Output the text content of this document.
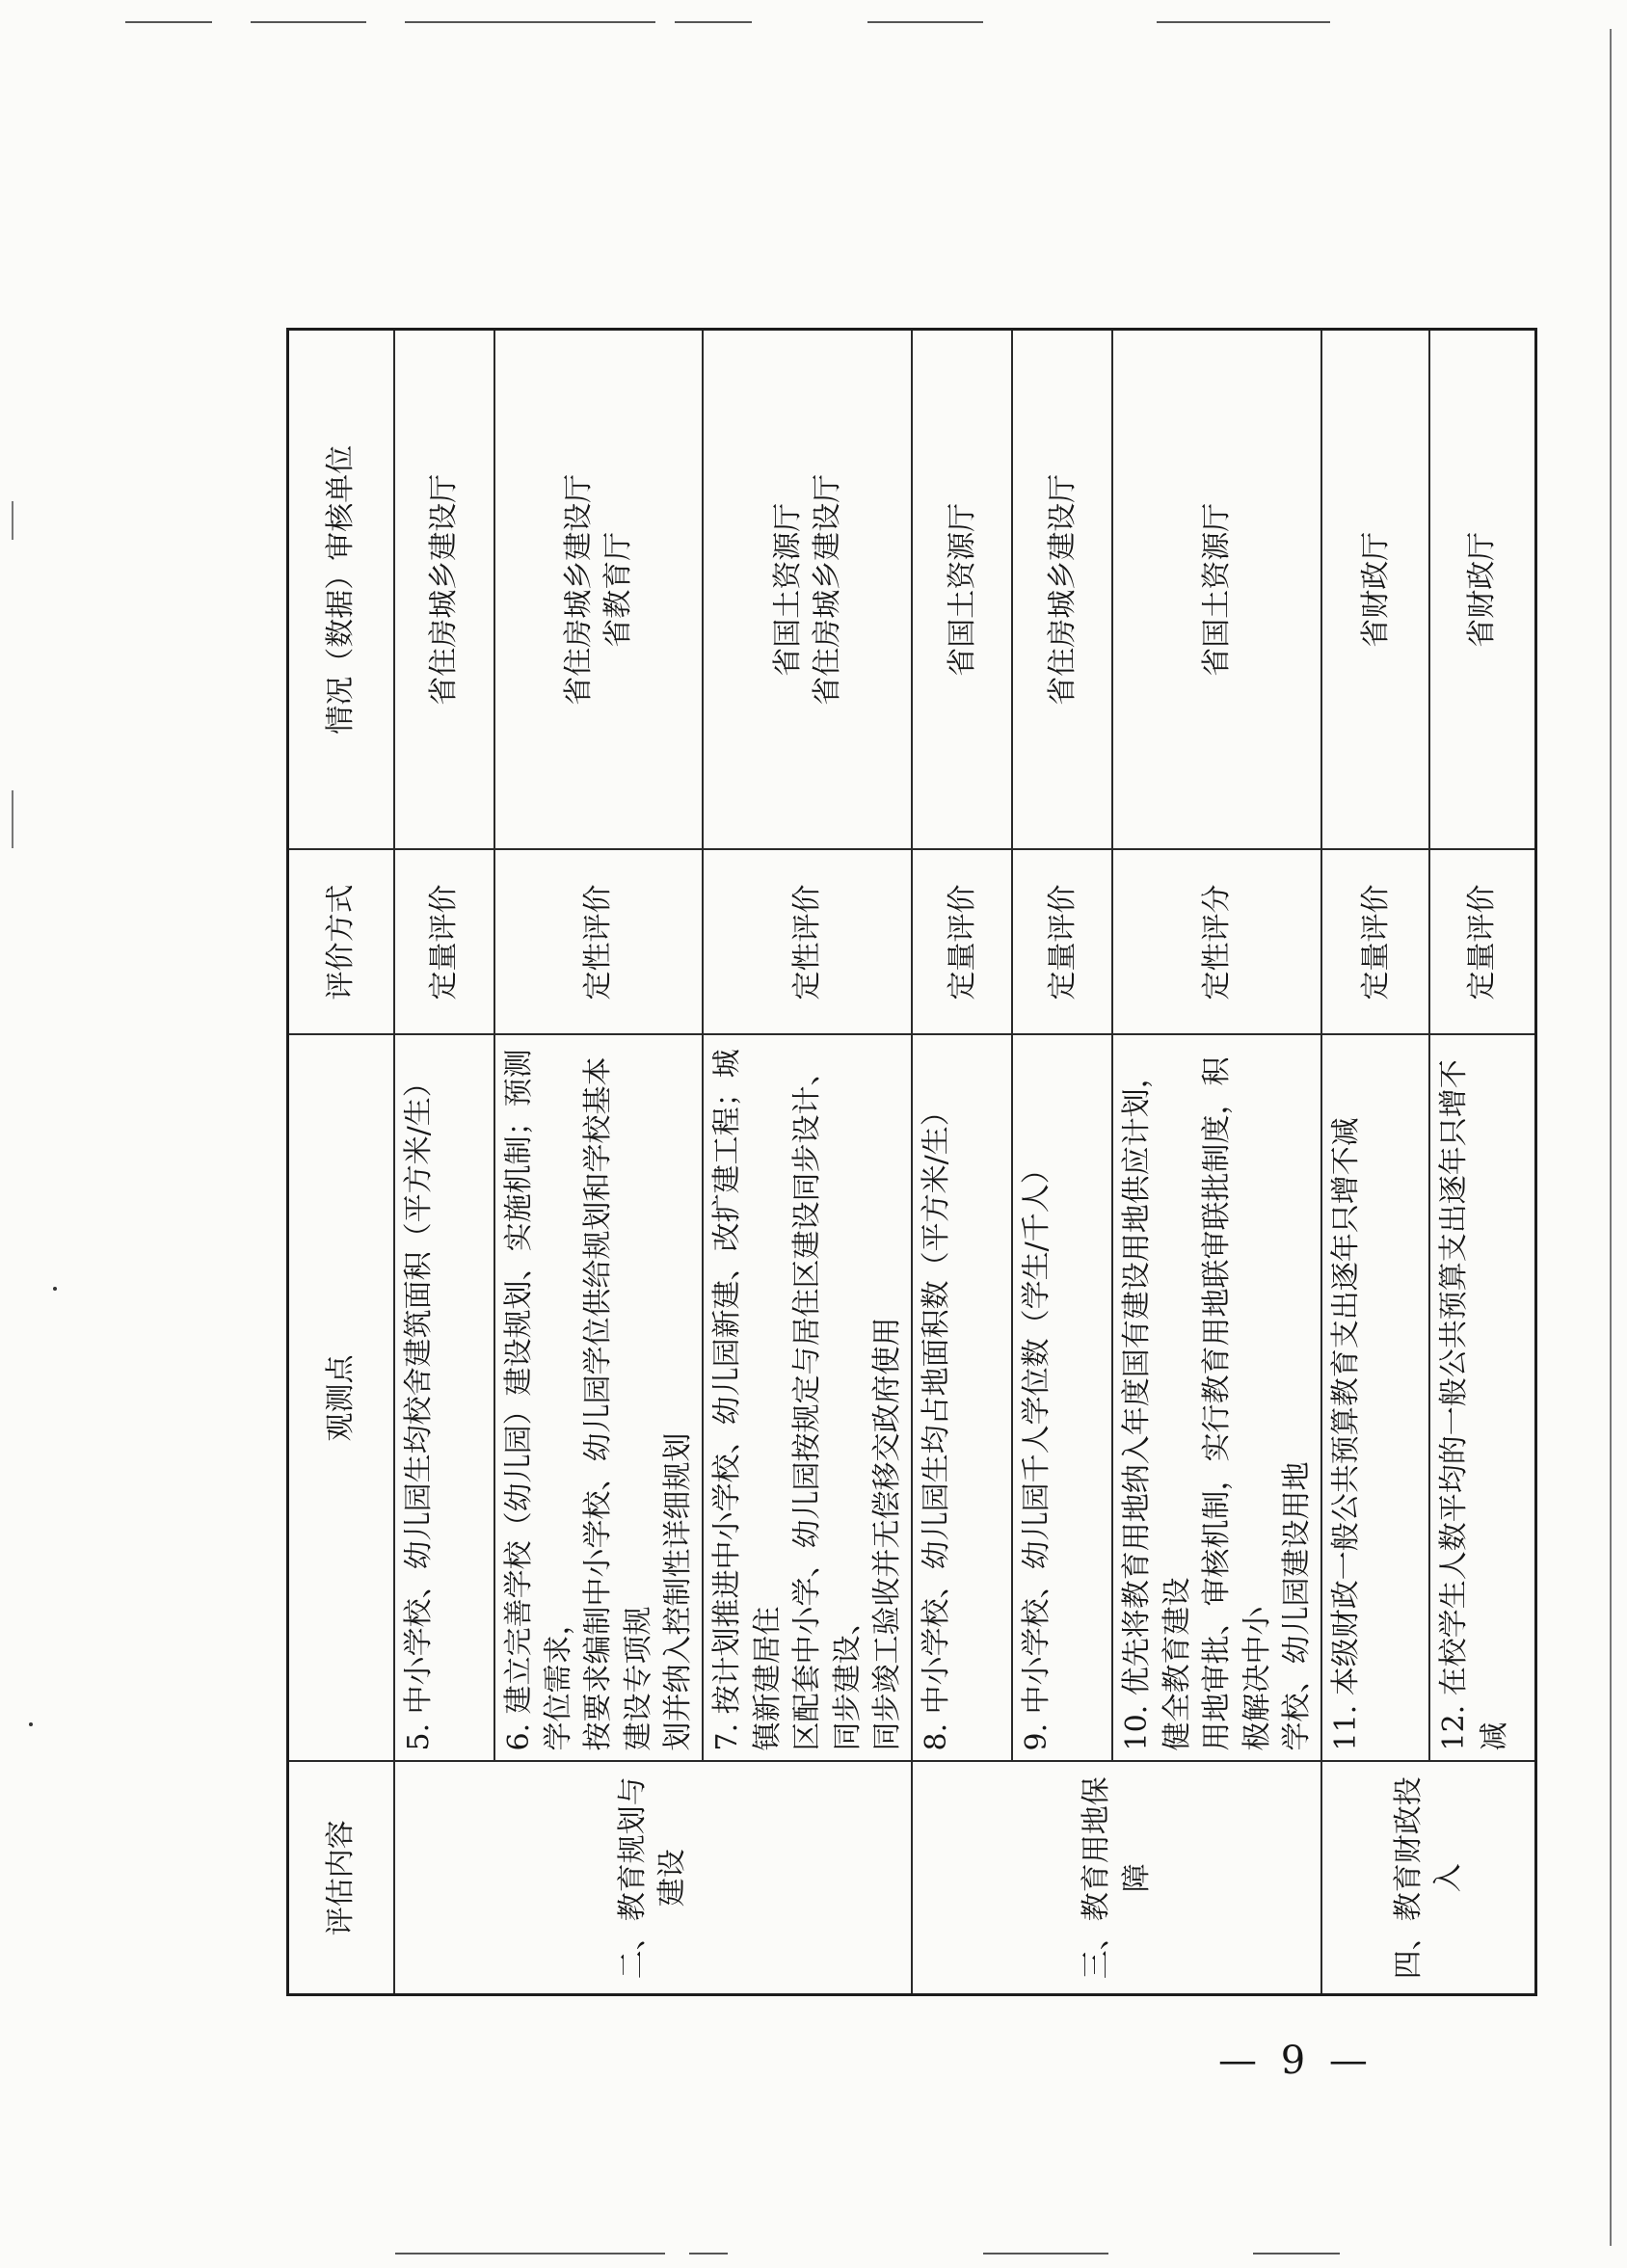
评估内容	观测点	评价方式	情况（数据）审核单位
二、教育规划与建设	5. 中小学校、幼儿园生均校舍建筑面积（平方米/生）	定量评价	省住房城乡建设厅

	6. 建立完善学校（幼儿园）建设规划、实施机制；预测学位需求， 按要求编制中小学校、幼儿园学位供给规划和学校基本建设专项规 划并纳入控制性详细规划	定性评价	省住房城乡建设厅 省教育厅

	7. 按计划推进中小学校、幼儿园新建、改扩建工程；城镇新建居住 区配套中小学、幼儿园按规定与居住区建设同步设计、同步建设、 同步竣工验收并无偿移交政府使用	定性评价	省国土资源厅 省住房城乡建设厅

三、教育用地保障	8. 中小学校、幼儿园生均占地面积数（平方米/生）	定量评价	省国土资源厅

	9. 中小学校、幼儿园千人学位数（学生/千人）	定量评价	省住房城乡建设厅

	10. 优先将教育用地纳入年度国有建设用地供应计划，健全教育建设 用地审批、审核机制，实行教育用地联审联批制度，积极解决中小 学校、幼儿园建设用地	定性评分	省国土资源厅

四、教育财政投入	11. 本级财政一般公共预算教育支出逐年只增不减	定量评价	省财政厅

	12. 在校学生人数平均的一般公共预算支出逐年只增不减	定量评价	省财政厅
— 9 —
